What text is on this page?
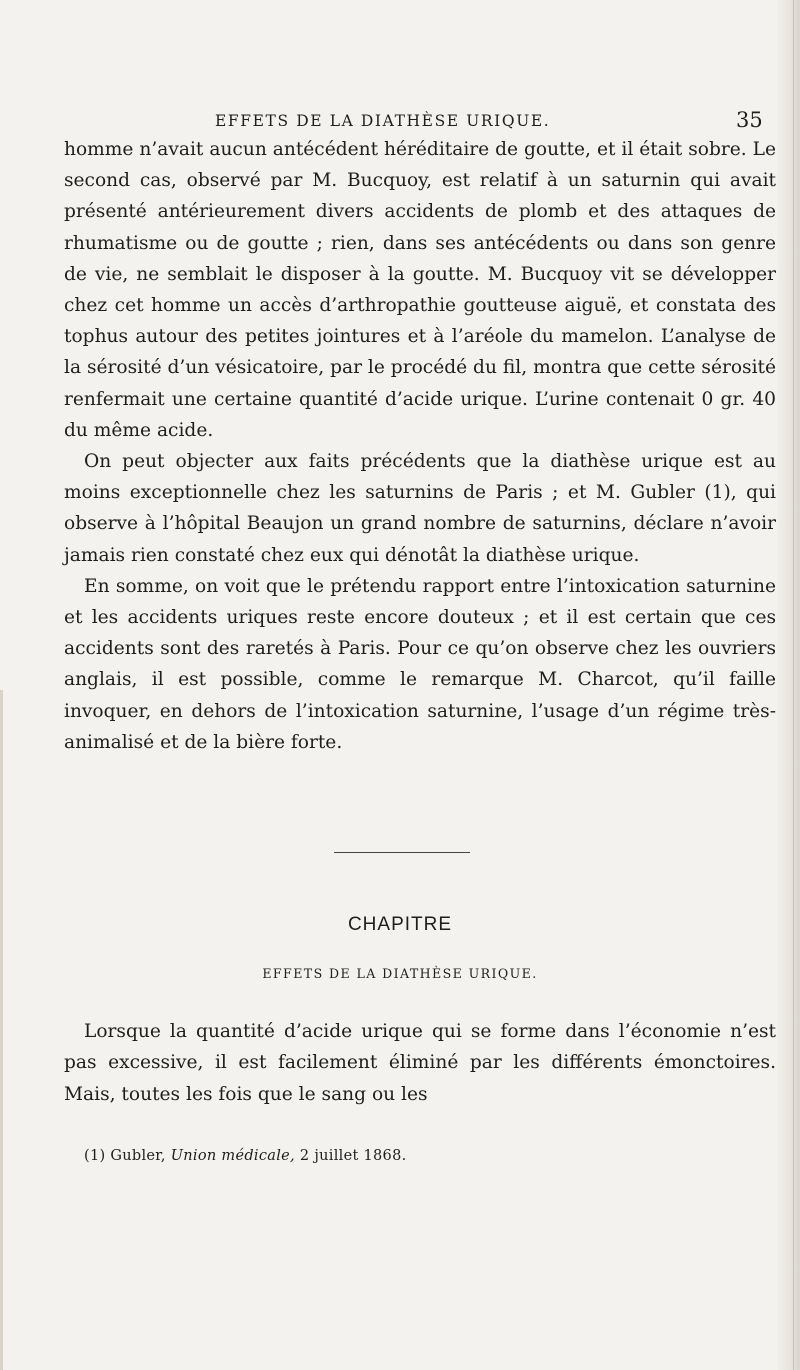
EFFETS DE LA DIATHÈSE URIQUE.	35

homme n’avait aucun antécédent héréditaire de goutte, et il était sobre. Le second cas, observé par M. Bucquoy, est relatif à un saturnin qui avait présenté antérieurement divers accidents de plomb et des attaques de rhumatisme ou de goutte ; rien, dans ses antécédents ou dans son genre de vie, ne semblait le disposer à la goutte. M. Bucquoy vit se développer chez cet homme un accès d’arthropathie goutteuse aiguë, et constata des tophus autour des petites jointures et à l’aréole du mamelon. L’analyse de la sérosité d’un vésicatoire, par le procédé du fil, montra que cette sérosité renfermait une certaine quantité d’acide urique. L’urine contenait 0 gr. 40 du même acide.

On peut objecter aux faits précédents que la diathèse urique est au moins exceptionnelle chez les saturnins de Paris ; et M. Gubler (1), qui observe à l’hôpital Beaujon un grand nombre de saturnins, déclare n’avoir jamais rien constaté chez eux qui dénotât la diathèse urique.

En somme, on voit que le prétendu rapport entre l’intoxication saturnine et les accidents uriques reste encore douteux ; et il est certain que ces accidents sont des raretés à Paris. Pour ce qu’on observe chez les ouvriers anglais, il est possible, comme le remarque M. Charcot, qu’il faille invoquer, en dehors de l’intoxication saturnine, l’usage d’un régime très-animalisé et de la bière forte.

CHAPITRE
EFFETS DE LA DIATHÈSE URIQUE.

Lorsque la quantité d’acide urique qui se forme dans l’économie n’est pas excessive, il est facilement éliminé par les différents émonctoires. Mais, toutes les fois que le sang ou les

(1) Gubler, Union médicale, 2 juillet 1868.
